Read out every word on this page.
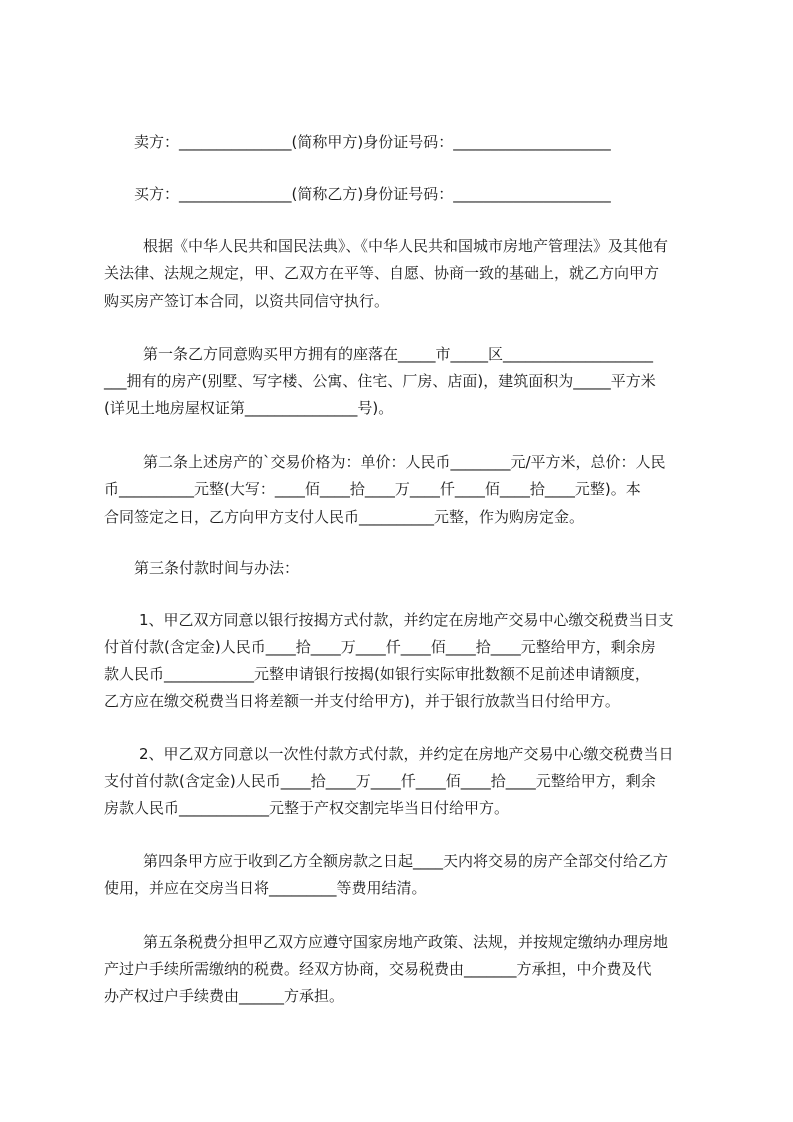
卖方：_______________(简称甲方)身份证号码：_____________________

买方：_______________(简称乙方)身份证号码：_____________________

根据《中华人民共和国民法典》、《中华人民共和国城市房地产管理法》及其他有

关法律、法规之规定，甲、乙双方在平等、自愿、协商一致的基础上，就乙方向甲方

购买房产签订本合同，以资共同信守执行。

第一条乙方同意购买甲方拥有的座落在_____市_____区____________________

___拥有的房产(别墅、写字楼、公寓、住宅、厂房、店面)，建筑面积为_____平方米

(详见土地房屋权证第_______________号)。

第二条上述房产的`交易价格为：单价：人民币________元/平方米，总价：人民

币__________元整(大写：____佰____拾____万____仟____佰____拾____元整)。本

合同签定之日，乙方向甲方支付人民币__________元整，作为购房定金。

第三条付款时间与办法：

1、甲乙双方同意以银行按揭方式付款，并约定在房地产交易中心缴交税费当日支

付首付款(含定金)人民币____拾____万____仟____佰____拾____元整给甲方，剩余房

款人民币____________元整申请银行按揭(如银行实际审批数额不足前述申请额度，

乙方应在缴交税费当日将差额一并支付给甲方)，并于银行放款当日付给甲方。

2、甲乙双方同意以一次性付款方式付款，并约定在房地产交易中心缴交税费当日

支付首付款(含定金)人民币____拾____万____仟____佰____拾____元整给甲方，剩余

房款人民币____________元整于产权交割完毕当日付给甲方。

第四条甲方应于收到乙方全额房款之日起____天内将交易的房产全部交付给乙方

使用，并应在交房当日将_________等费用结清。

第五条税费分担甲乙双方应遵守国家房地产政策、法规，并按规定缴纳办理房地

产过户手续所需缴纳的税费。经双方协商，交易税费由_______方承担，中介费及代

办产权过户手续费由______方承担。
